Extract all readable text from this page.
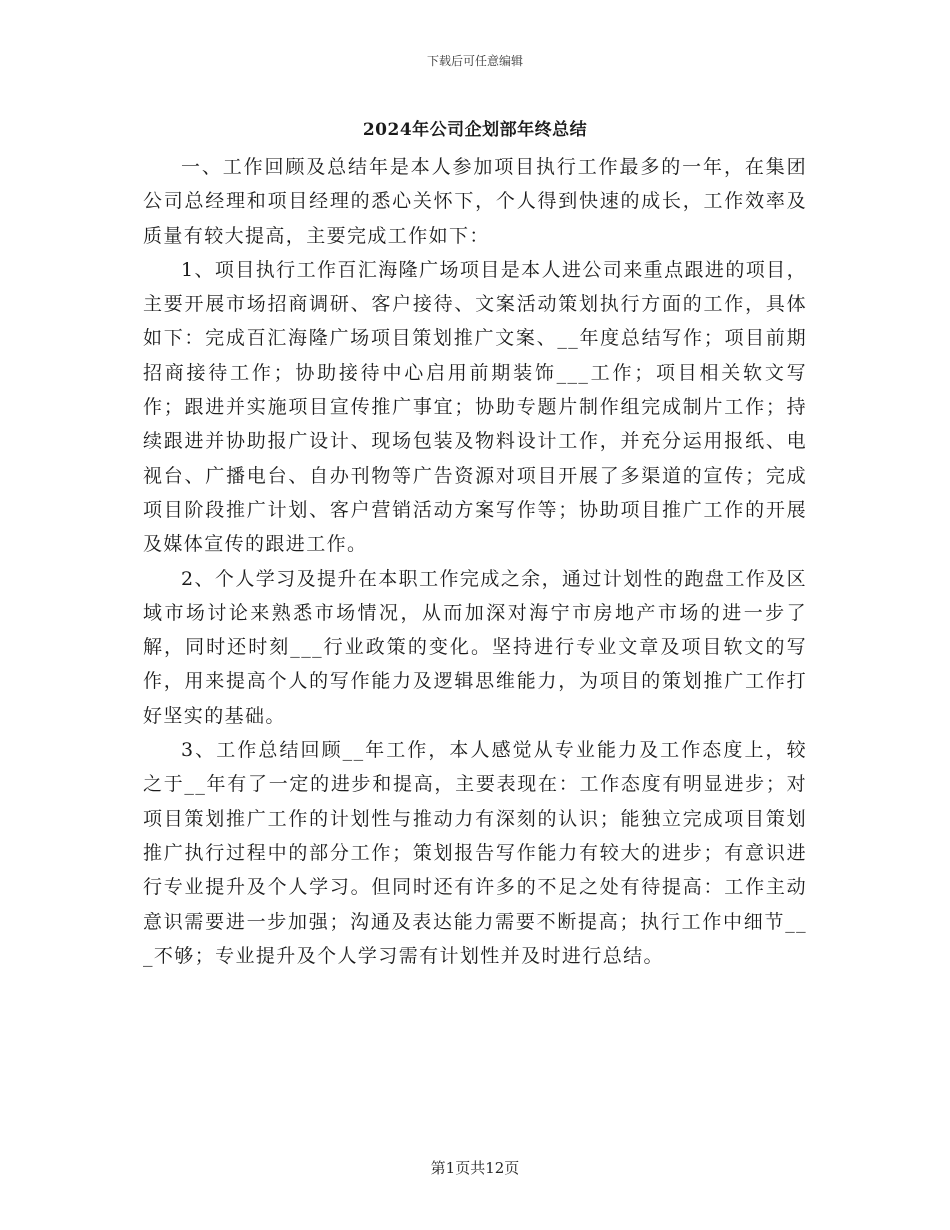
下载后可任意编辑
2024年公司企划部年终总结

一、工作回顾及总结年是本人参加项目执行工作最多的一年，在集团公司总经理和项目经理的悉心关怀下，个人得到快速的成长，工作效率及质量有较大提高，主要完成工作如下：

1、项目执行工作百汇海隆广场项目是本人进公司来重点跟进的项目，主要开展市场招商调研、客户接待、文案活动策划执行方面的工作，具体如下：完成百汇海隆广场项目策划推广文案、__年度总结写作；项目前期招商接待工作；协助接待中心启用前期装饰___工作；项目相关软文写作；跟进并实施项目宣传推广事宜；协助专题片制作组完成制片工作；持续跟进并协助报广设计、现场包装及物料设计工作，并充分运用报纸、电视台、广播电台、自办刊物等广告资源对项目开展了多渠道的宣传；完成项目阶段推广计划、客户营销活动方案写作等；协助项目推广工作的开展及媒体宣传的跟进工作。

2、个人学习及提升在本职工作完成之余，通过计划性的跑盘工作及区域市场讨论来熟悉市场情况，从而加深对海宁市房地产市场的进一步了解，同时还时刻___行业政策的变化。坚持进行专业文章及项目软文的写作，用来提高个人的写作能力及逻辑思维能力，为项目的策划推广工作打好坚实的基础。

3、工作总结回顾__年工作，本人感觉从专业能力及工作态度上，较之于__年有了一定的进步和提高，主要表现在：工作态度有明显进步；对项目策划推广工作的计划性与推动力有深刻的认识；能独立完成项目策划推广执行过程中的部分工作；策划报告写作能力有较大的进步；有意识进行专业提升及个人学习。但同时还有许多的不足之处有待提高：工作主动意识需要进一步加强；沟通及表达能力需要不断提高；执行工作中细节___不够；专业提升及个人学习需有计划性并及时进行总结。

第1页共12页
